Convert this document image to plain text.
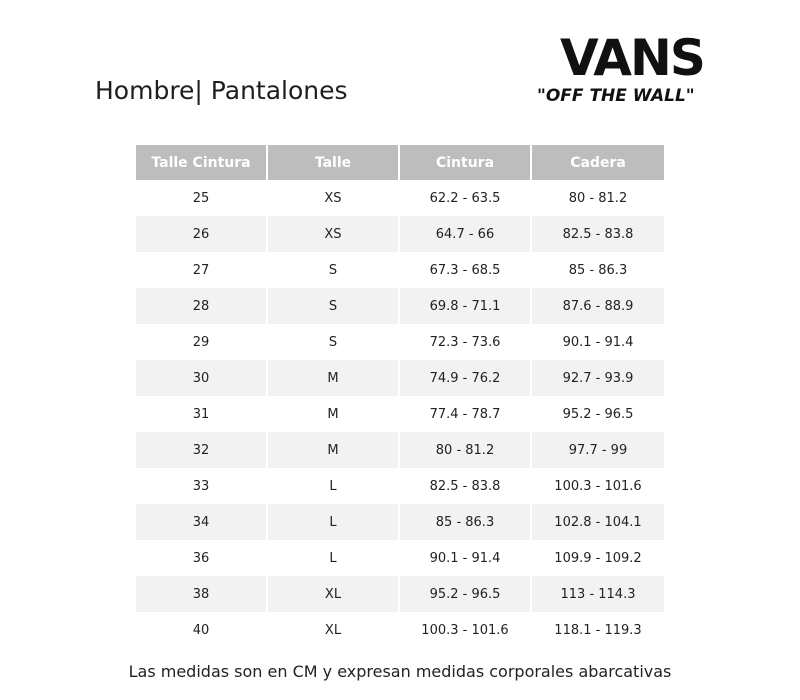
Hombre| Pantalones
VANS
"OFF THE WALL"
Talle Cintura	Talle	Cintura	Cadera
25	XS	62.2 - 63.5	80 - 81.2
26	XS	64.7 - 66	82.5 - 83.8
27	S	67.3 - 68.5	85 - 86.3
28	S	69.8 - 71.1	87.6 - 88.9
29	S	72.3 - 73.6	90.1 - 91.4
30	M	74.9 - 76.2	92.7 - 93.9
31	M	77.4 - 78.7	95.2 - 96.5
32	M	80 - 81.2	97.7 - 99
33	L	82.5 - 83.8	100.3 - 101.6
34	L	85 - 86.3	102.8 - 104.1
36	L	90.1 - 91.4	109.9 - 109.2
38	XL	95.2 - 96.5	113 - 114.3
40	XL	100.3 - 101.6	118.1 - 119.3
Las medidas son en CM y expresan medidas corporales abarcativas
